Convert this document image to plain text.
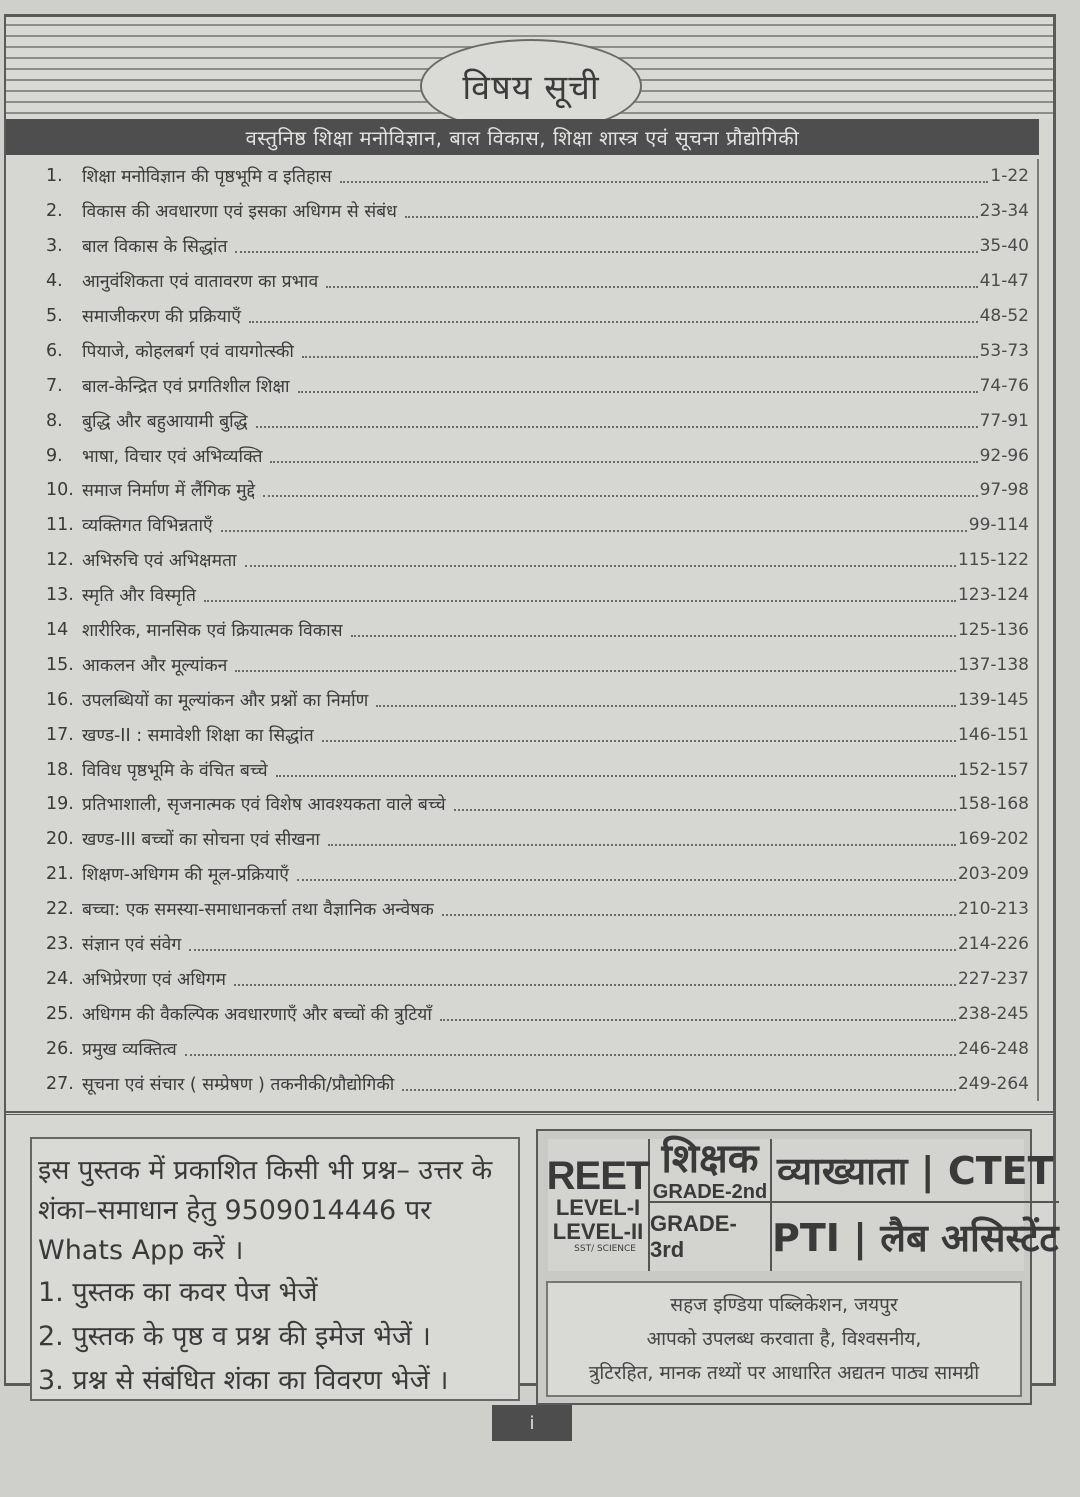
विषय सूची
वस्तुनिष्ठ शिक्षा मनोविज्ञान, बाल विकास, शिक्षा शास्त्र एवं सूचना प्रौद्योगिकी
1.	शिक्षा मनोविज्ञान की पृष्ठभूमि व इतिहास	1-22
2.	विकास की अवधारणा एवं इसका अधिगम से संबंध	23-34
3.	बाल विकास के सिद्धांत	35-40
4.	आनुवंशिकता एवं वातावरण का प्रभाव	41-47
5.	समाजीकरण की प्रक्रियाएँ	48-52
6.	पियाजे, कोहलबर्ग एवं वायगोत्स्की	53-73
7.	बाल-केन्द्रित एवं प्रगतिशील शिक्षा	74-76
8.	बुद्धि और बहुआयामी बुद्धि	77-91
9.	भाषा, विचार एवं अभिव्यक्ति	92-96
10. समाज निर्माण में लैंगिक मुद्दे	97-98
11. व्यक्तिगत विभिन्नताएँ	99-114
12. अभिरुचि एवं अभिक्षमता	115-122
13. स्मृति और विस्मृति	123-124
14 शारीरिक, मानसिक एवं क्रियात्मक विकास	125-136
15. आकलन और मूल्यांकन	137-138
16. उपलब्धियों का मूल्यांकन और प्रश्नों का निर्माण	139-145
17. खण्ड-II : समावेशी शिक्षा का सिद्धांत	146-151
18. विविध पृष्ठभूमि के वंचित बच्चे	152-157
19. प्रतिभाशाली, सृजनात्मक एवं विशेष आवश्यकता वाले बच्चे	158-168
20. खण्ड-III बच्चों का सोचना एवं सीखना	169-202
21. शिक्षण-अधिगम की मूल-प्रक्रियाएँ	203-209
22. बच्चा: एक समस्या-समाधानकर्त्ता तथा वैज्ञानिक अन्वेषक	210-213
23. संज्ञान एवं संवेग	214-226
24. अभिप्रेरणा एवं अधिगम	227-237
25. अधिगम की वैकल्पिक अवधारणाएँ और बच्चों की त्रुटियाँ	238-245
26. प्रमुख व्यक्तित्व	246-248
27. सूचना एवं संचार ( सम्प्रेषण ) तकनीकी/प्रौद्योगिकी	249-264
इस पुस्तक में प्रकाशित किसी भी प्रश्न– उत्तर के
शंका–समाधान हेतु 9509014446 पर
Whats App करें ।
1. पुस्तक का कवर पेज भेजें
2. पुस्तक के पृष्ठ व प्रश्न की इमेज भेजें ।
3. प्रश्न से संबंधित शंका का विवरण भेजें ।
REET
LEVEL-I
LEVEL-II
SST/ SCIENCE
शिक्षक
GRADE-2nd
GRADE-3rd
व्याख्याता | CTET
PTI | लैब असिस्टेंट
सहज इण्डिया पब्लिकेशन, जयपुर
आपको उपलब्ध करवाता है, विश्वसनीय,
त्रुटिरहित, मानक तथ्यों पर आधारित अद्यतन पाठ्य सामग्री
i
